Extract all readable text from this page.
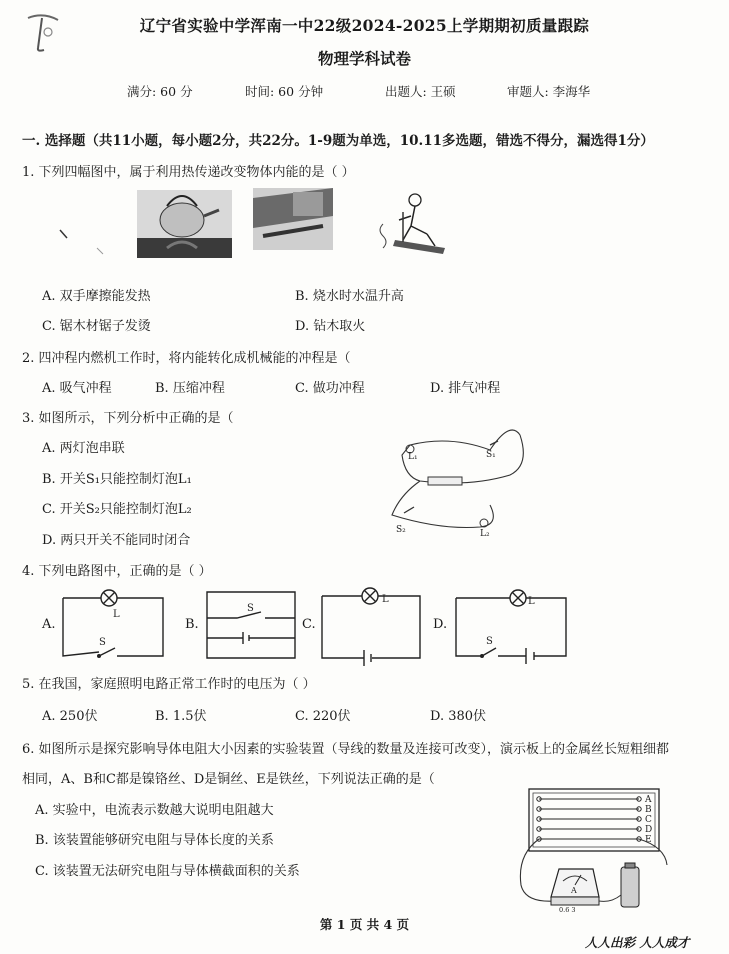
辽宁省实验中学浑南一中22级2024-2025上学期期初质量跟踪
物理学科试卷
满分: 60 分	时间: 60 分钟	出题人: 王硕	审题人: 李海华
一. 选择题（共11小题，每小题2分，共22分。1-9题为单选，10.11多选题，错选不得分，漏选得1分）
1. 下列四幅图中，属于利用热传递改变物体内能的是（ ）
A. 双手摩擦能发热	B. 烧水时水温升高
C. 锯木材锯子发烫	D. 钻木取火
2. 四冲程内燃机工作时，将内能转化成机械能的冲程是（
A. 吸气冲程	B. 压缩冲程	C. 做功冲程	D. 排气冲程
3. 如图所示，下列分析中正确的是（
A. 两灯泡串联
B. 开关S₁只能控制灯泡L₁
C. 开关S₂只能控制灯泡L₂
D. 两只开关不能同时闭合
L₁	S₁
S₂	L₂
4. 下列电路图中，正确的是（ ）
A.	B.	C.	D.
L
S
S
L	L
S
5. 在我国，家庭照明电路正常工作时的电压为（ ）
A. 250伏	B. 1.5伏	C. 220伏	D. 380伏
6. 如图所示是探究影响导体电阻大小因素的实验装置（导线的数量及连接可改变），演示板上的金属丝长短粗细都
相同，A、B和C都是镍铬丝、D是铜丝、E是铁丝，下列说法正确的是（
A. 实验中，电流表示数越大说明电阻越大
B. 该装置能够研究电阻与导体长度的关系
C. 该装置无法研究电阻与导体横截面积的关系
A
B
C
D
E
A
0.6 3
第 1 页 共 4 页
人人出彩 人人成才
